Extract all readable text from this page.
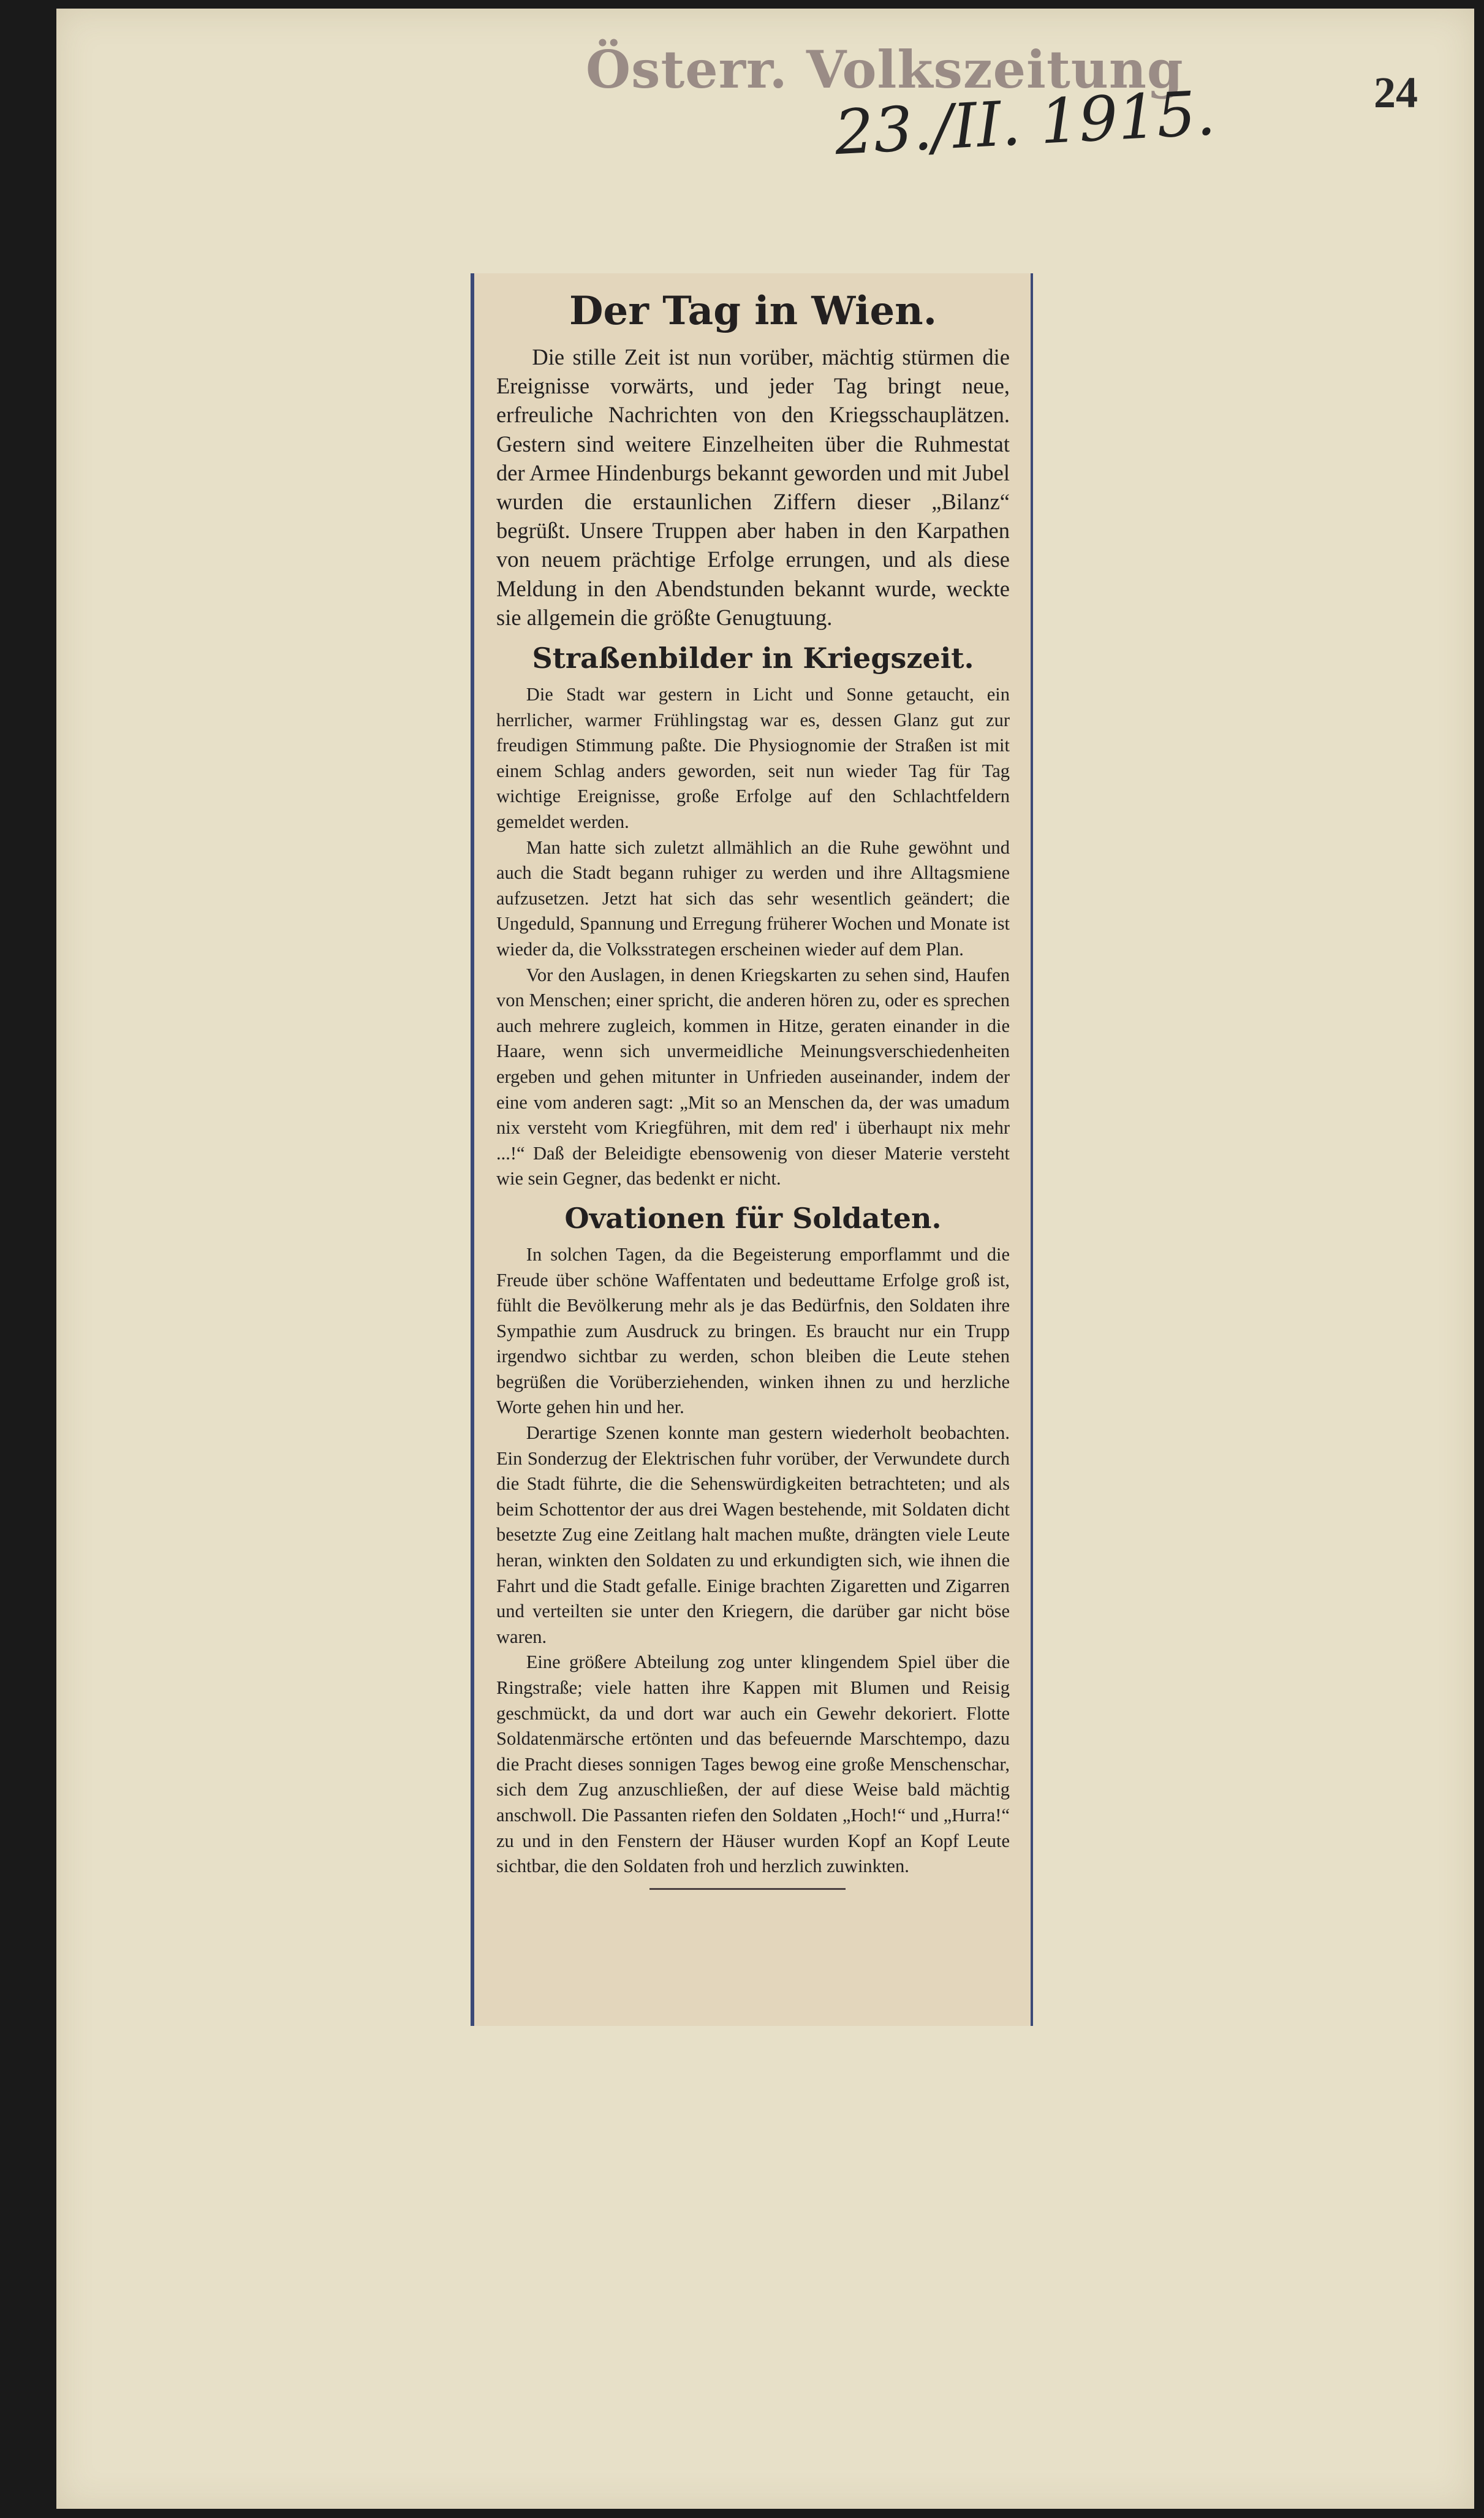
Österr. Volkszeitung
23./II. 1915.	24
Der Tag in Wien.

Die stille Zeit ist nun vorüber, mächtig stürmen die Ereignisse vorwärts, und jeder Tag bringt neue, erfreuliche Nachrichten von den Kriegsschauplätzen. Gestern sind weitere Einzelheiten über die Ruhmestat der Armee Hindenburgs bekannt geworden und mit Jubel wurden die erstaunlichen Ziffern dieser „Bilanz“ begrüßt. Unsere Truppen aber haben in den Karpathen von neuem prächtige Erfolge errungen, und als diese Meldung in den Abendstunden bekannt wurde, weckte sie allgemein die größte Genugtuung.

Straßenbilder in Kriegszeit.

Die Stadt war gestern in Licht und Sonne getaucht, ein herrlicher, warmer Frühlingstag war es, dessen Glanz gut zur freudigen Stimmung paßte. Die Physiognomie der Straßen ist mit einem Schlag anders geworden, seit nun wieder Tag für Tag wichtige Ereignisse, große Erfolge auf den Schlachtfeldern gemeldet werden.

Man hatte sich zuletzt allmählich an die Ruhe gewöhnt und auch die Stadt begann ruhiger zu werden und ihre Alltagsmiene aufzusetzen. Jetzt hat sich das sehr wesentlich geändert; die Ungeduld, Spannung und Erregung früherer Wochen und Monate ist wieder da, die Volksstrategen erscheinen wieder auf dem Plan.

Vor den Auslagen, in denen Kriegskarten zu sehen sind, Haufen von Menschen; einer spricht, die anderen hören zu, oder es sprechen auch mehrere zugleich, kommen in Hitze, geraten einander in die Haare, wenn sich unvermeidliche Meinungsverschiedenheiten ergeben und gehen mitunter in Unfrieden auseinander, indem der eine vom anderen sagt: „Mit so an Menschen da, der was umadum nix versteht vom Kriegführen, mit dem red' i überhaupt nix mehr ...!“ Daß der Beleidigte ebensowenig von dieser Materie versteht wie sein Gegner, das bedenkt er nicht.

Ovationen für Soldaten.

In solchen Tagen, da die Begeisterung emporflammt und die Freude über schöne Waffentaten und bedeuttame Erfolge groß ist, fühlt die Bevölkerung mehr als je das Bedürfnis, den Soldaten ihre Sympathie zum Ausdruck zu bringen. Es braucht nur ein Trupp irgendwo sichtbar zu werden, schon bleiben die Leute stehen begrüßen die Vorüberziehenden, winken ihnen zu und herzliche Worte gehen hin und her.

Derartige Szenen konnte man gestern wiederholt beobachten. Ein Sonderzug der Elektrischen fuhr vorüber, der Verwundete durch die Stadt führte, die die Sehenswürdigkeiten betrachteten; und als beim Schottentor der aus drei Wagen bestehende, mit Soldaten dicht besetzte Zug eine Zeitlang halt machen mußte, drängten viele Leute heran, winkten den Soldaten zu und erkundigten sich, wie ihnen die Fahrt und die Stadt gefalle. Einige brachten Zigaretten und Zigarren und verteilten sie unter den Kriegern, die darüber gar nicht böse waren.

Eine größere Abteilung zog unter klingendem Spiel über die Ringstraße; viele hatten ihre Kappen mit Blumen und Reisig geschmückt, da und dort war auch ein Gewehr dekoriert. Flotte Soldatenmärsche ertönten und das befeuernde Marschtempo, dazu die Pracht dieses sonnigen Tages bewog eine große Menschenschar, sich dem Zug anzuschließen, der auf diese Weise bald mächtig anschwoll. Die Passanten riefen den Soldaten „Hoch!“ und „Hurra!“ zu und in den Fenstern der Häuser wurden Kopf an Kopf Leute sichtbar, die den Soldaten froh und herzlich zuwinkten.
